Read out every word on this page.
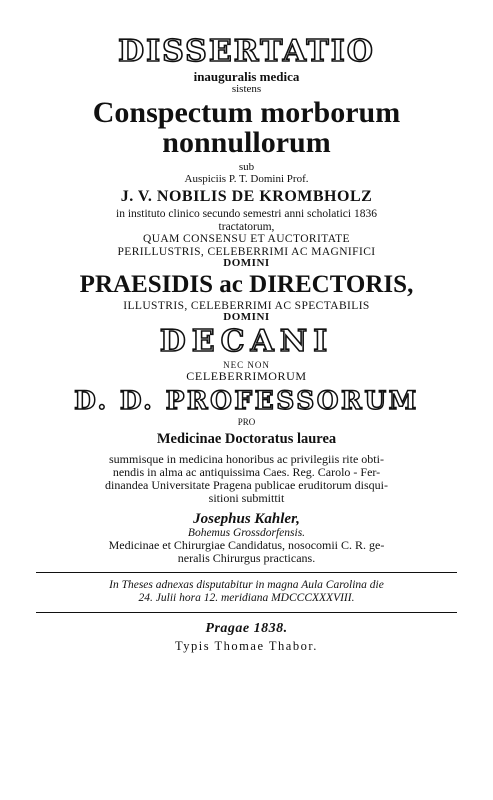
DISSERTATIO
inauguralis medica
sistens
Conspectum morborum
nonnullorum
sub
Auspiciis P. T. Domini Prof.
J. V. NOBILIS DE KROMBHOLZ
in instituto clinico secundo semestri anni scholatici 1836
tractatorum,
QUAM CONSENSU ET AUCTORITATE
PERILLUSTRIS, CELEBERRIMI AC MAGNIFICI
DOMINI
PRAESIDIS ac DIRECTORIS,
ILLUSTRIS, CELEBERRIMI AC SPECTABILIS
DOMINI
DECANI
NEC NON
CELEBERRIMORUM
D. D. PROFESSORUM
PRO
Medicinae Doctoratus laurea
summisque in medicina honoribus ac privilegiis rite obti-
nendis in alma ac antiquissima Caes. Reg. Carolo - Fer-
dinandea Universitate Pragena publicae eruditorum disqui-
sitioni submittit
Josephus Kahler,
Bohemus Grossdorfensis.
Medicinae et Chirurgiae Candidatus, nosocomii C. R. ge-
neralis Chirurgus practicans.
In Theses adnexas disputabitur in magna Aula Carolina die
24. Julii hora 12. meridiana MDCCCXXXVIII.
Pragae 1838.
Typis Thomae Thabor.
